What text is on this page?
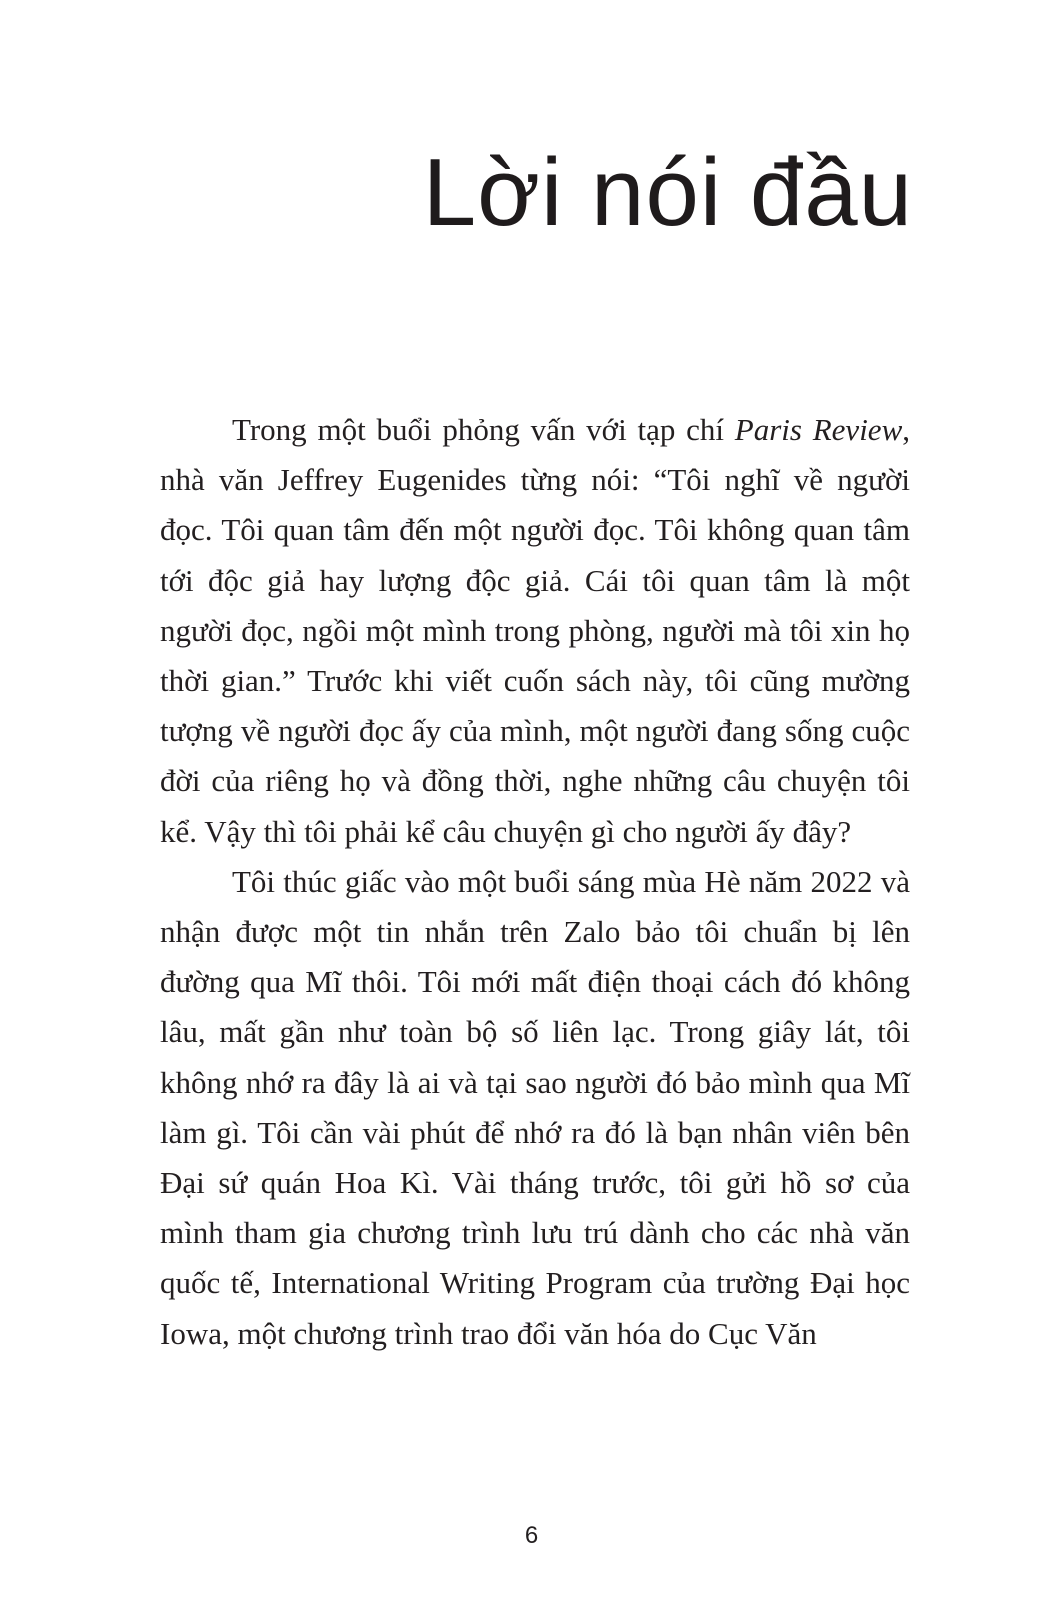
Lời nói đầu

Trong một buổi phỏng vấn với tạp chí Paris Review, nhà văn Jeffrey Eugenides từng nói: “Tôi nghĩ về người đọc. Tôi quan tâm đến một người đọc. Tôi không quan tâm tới độc giả hay lượng độc giả. Cái tôi quan tâm là một người đọc, ngồi một mình trong phòng, người mà tôi xin họ thời gian.” Trước khi viết cuốn sách này, tôi cũng mường tượng về người đọc ấy của mình, một người đang sống cuộc đời của riêng họ và đồng thời, nghe những câu chuyện tôi kể. Vậy thì tôi phải kể câu chuyện gì cho người ấy đây?

Tôi thúc giấc vào một buổi sáng mùa Hè năm 2022 và nhận được một tin nhắn trên Zalo bảo tôi chuẩn bị lên đường qua Mĩ thôi. Tôi mới mất điện thoại cách đó không lâu, mất gần như toàn bộ số liên lạc. Trong giây lát, tôi không nhớ ra đây là ai và tại sao người đó bảo mình qua Mĩ làm gì. Tôi cần vài phút để nhớ ra đó là bạn nhân viên bên Đại sứ quán Hoa Kì. Vài tháng trước, tôi gửi hồ sơ của mình tham gia chương trình lưu trú dành cho các nhà văn quốc tế, International Writing Program của trường Đại học Iowa, một chương trình trao đổi văn hóa do Cục Văn

6
